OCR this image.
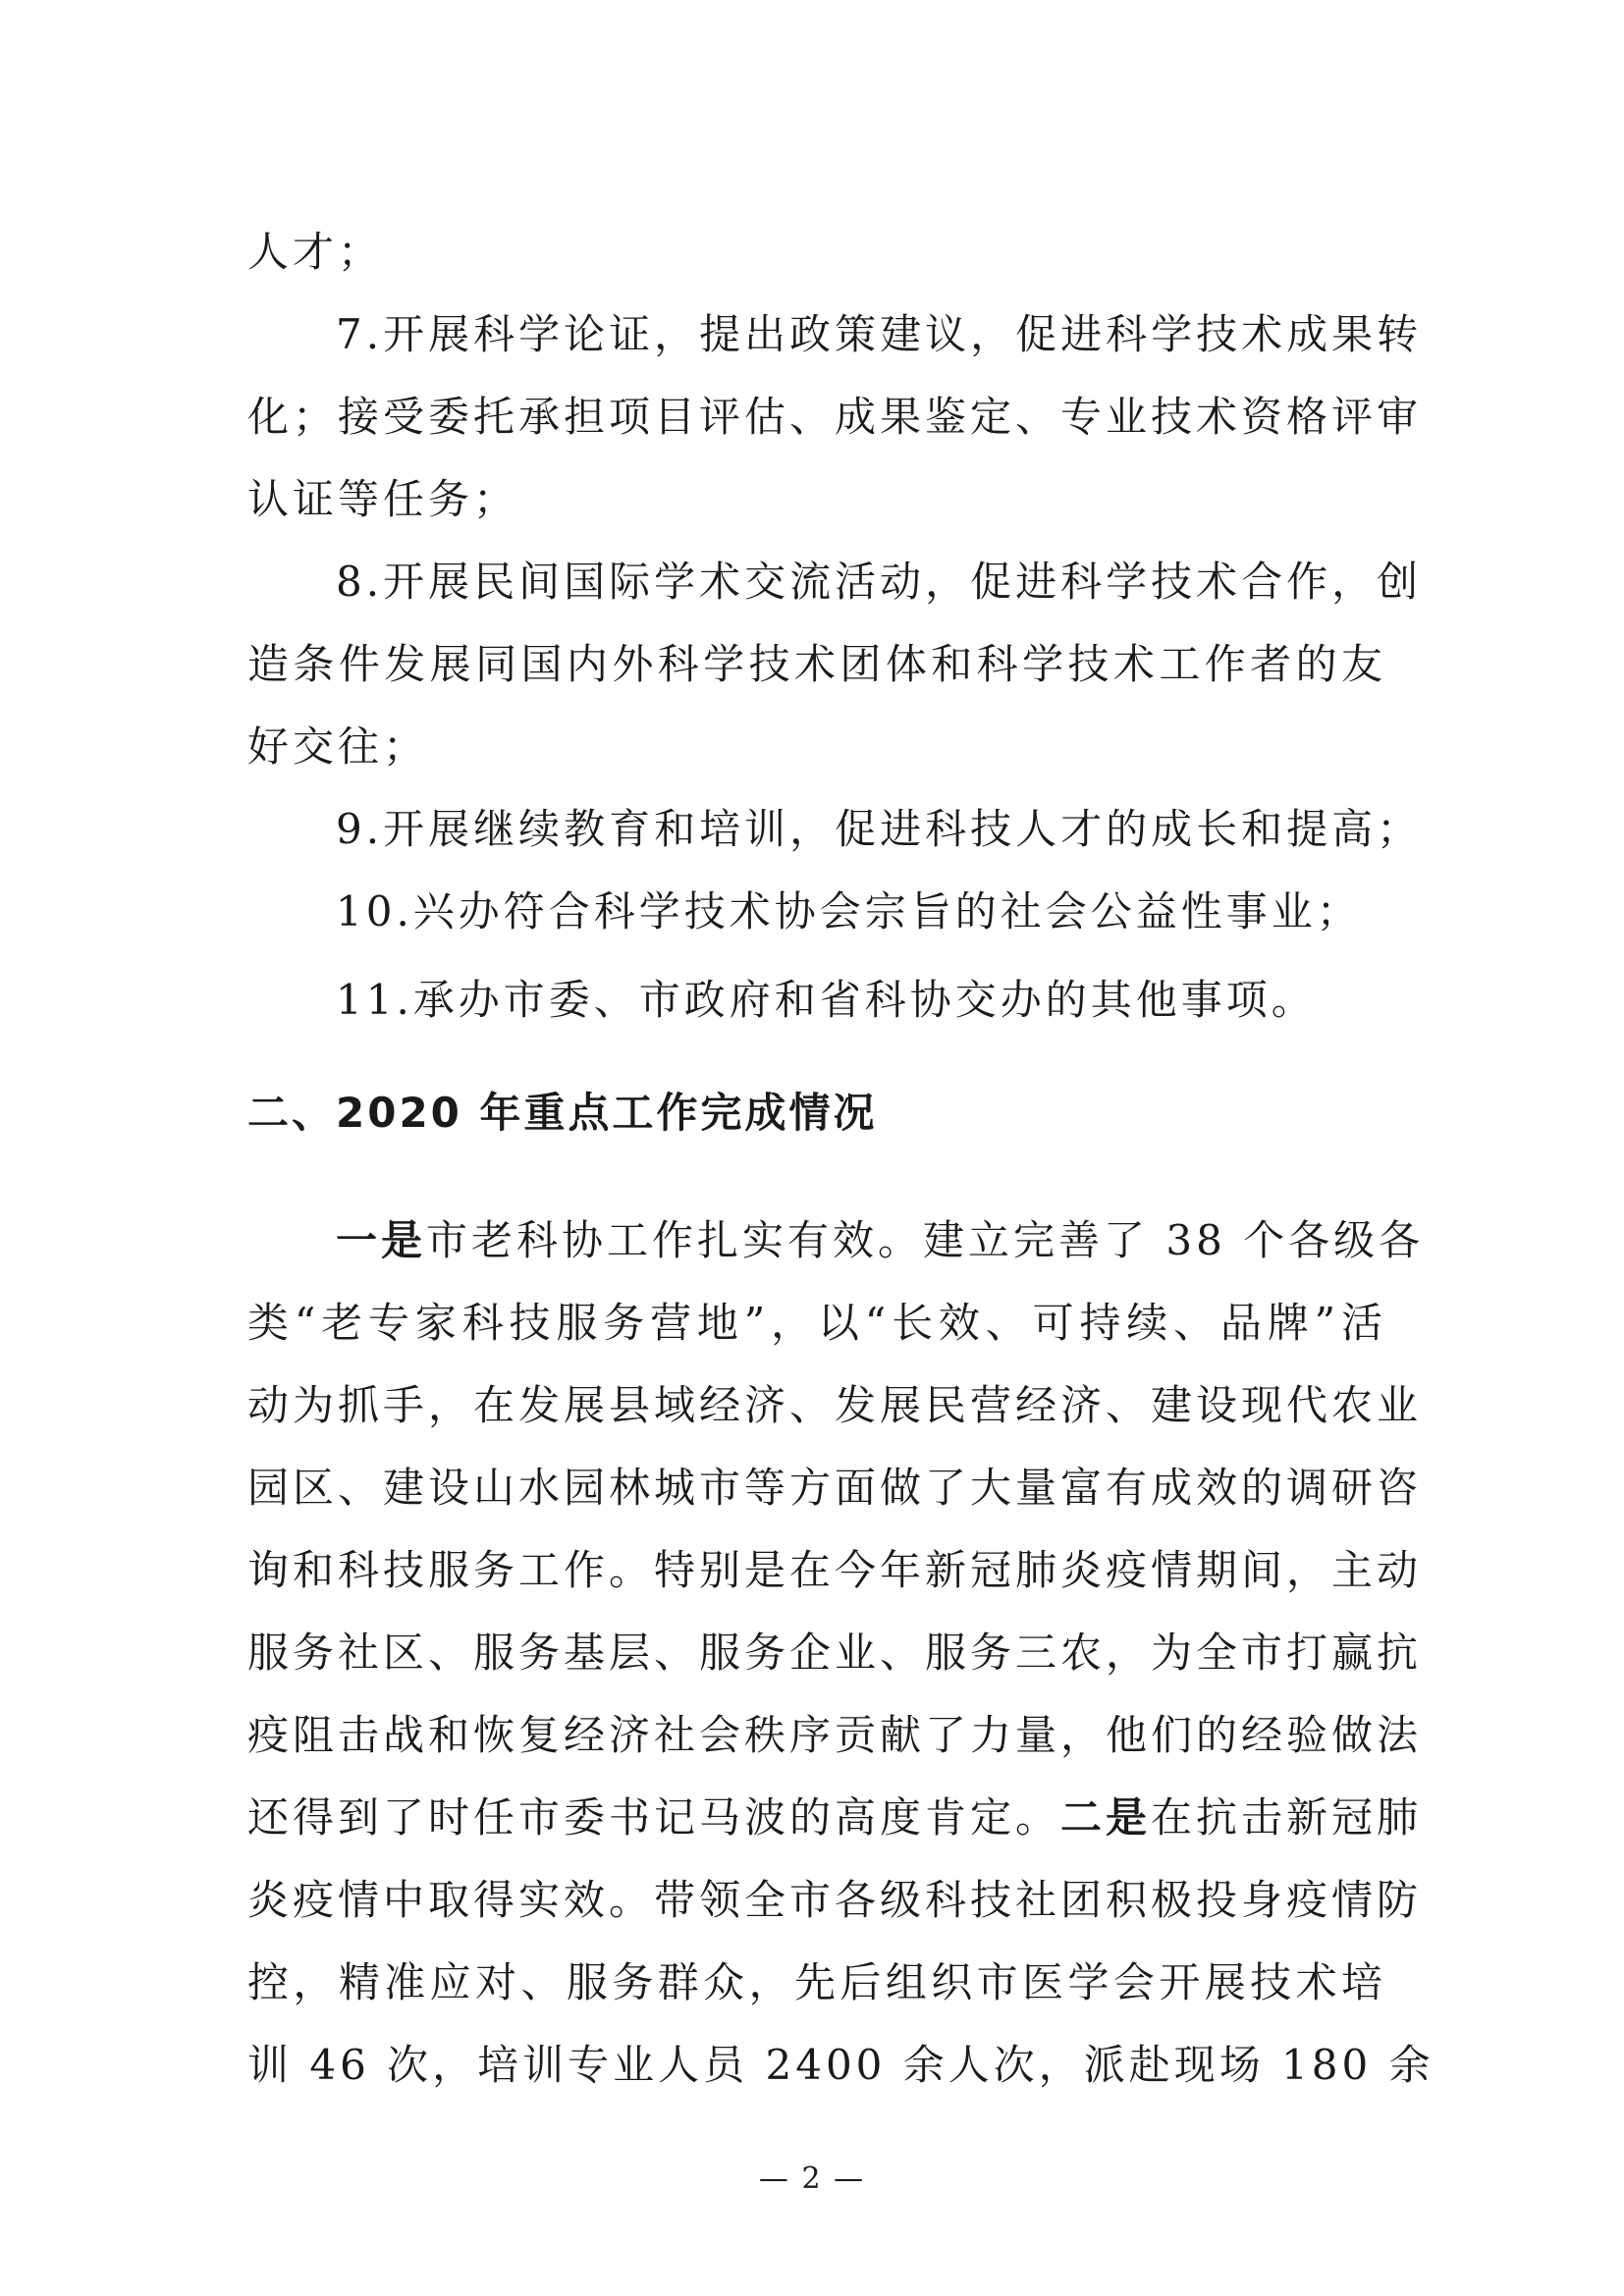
人才；
7.开展科学论证，提出政策建议，促进科学技术成果转
化；接受委托承担项目评估、成果鉴定、专业技术资格评审
认证等任务；
8.开展民间国际学术交流活动，促进科学技术合作，创
造条件发展同国内外科学技术团体和科学技术工作者的友
好交往；
9.开展继续教育和培训，促进科技人才的成长和提高；
10.兴办符合科学技术协会宗旨的社会公益性事业；
11.承办市委、市政府和省科协交办的其他事项。
二、2020 年重点工作完成情况
一是市老科协工作扎实有效。建立完善了 38 个各级各
类“老专家科技服务营地”，以“长效、可持续、品牌”活
动为抓手，在发展县域经济、发展民营经济、建设现代农业
园区、建设山水园林城市等方面做了大量富有成效的调研咨
询和科技服务工作。特别是在今年新冠肺炎疫情期间，主动
服务社区、服务基层、服务企业、服务三农，为全市打赢抗
疫阻击战和恢复经济社会秩序贡献了力量，他们的经验做法
还得到了时任市委书记马波的高度肯定。二是在抗击新冠肺
炎疫情中取得实效。带领全市各级科技社团积极投身疫情防
控，精准应对、服务群众，先后组织市医学会开展技术培
训 46 次，培训专业人员 2400 余人次，派赴现场 180 余
— 2 —
